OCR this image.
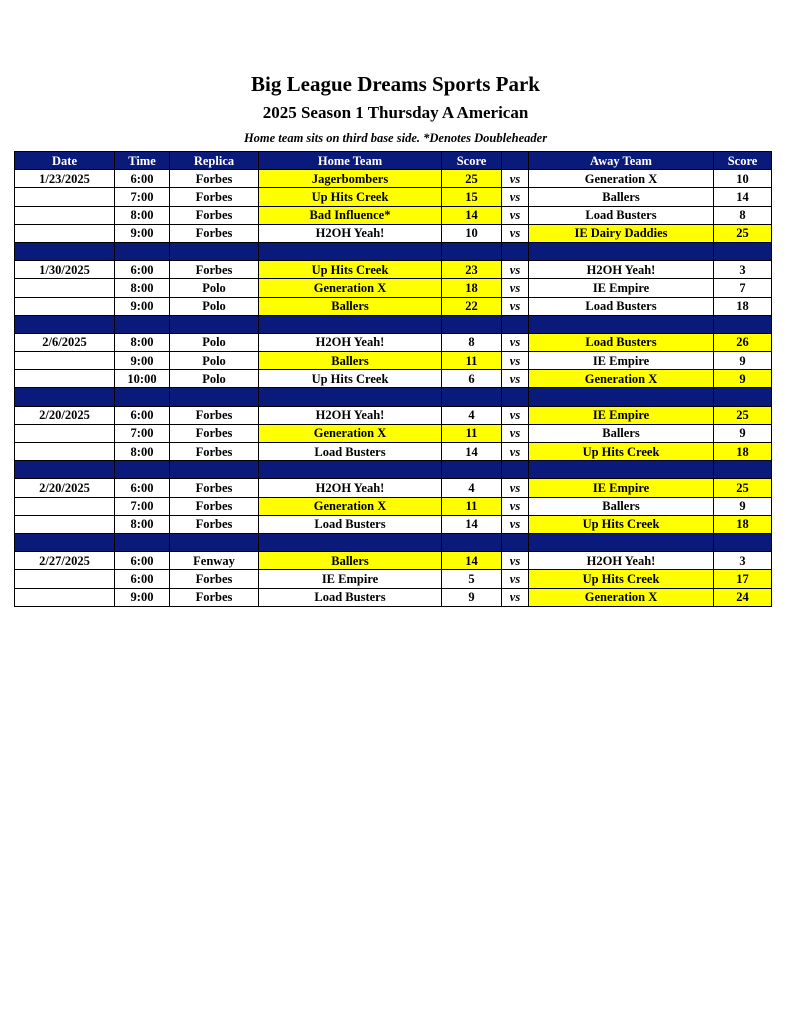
Big League Dreams Sports Park
2025 Season 1 Thursday A American
Home team sits on third base side. *Denotes Doubleheader
Date	Time	Replica	Home Team	Score		Away Team	Score
1/23/2025	6:00	Forbes	Jagerbombers	25	vs	Generation X	10
	7:00	Forbes	Up Hits Creek	15	vs	Ballers	14
	8:00	Forbes	Bad Influence*	14	vs	Load Busters	8
	9:00	Forbes	H2OH Yeah!	10	vs	IE Dairy Daddies	25

1/30/2025	6:00	Forbes	Up Hits Creek	23	vs	H2OH Yeah!	3
	8:00	Polo	Generation X	18	vs	IE Empire	7
	9:00	Polo	Ballers	22	vs	Load Busters	18

2/6/2025	8:00	Polo	H2OH Yeah!	8	vs	Load Busters	26
	9:00	Polo	Ballers	11	vs	IE Empire	9
	10:00	Polo	Up Hits Creek	6	vs	Generation X	9

2/20/2025	6:00	Forbes	H2OH Yeah!	4	vs	IE Empire	25
	7:00	Forbes	Generation X	11	vs	Ballers	9
	8:00	Forbes	Load Busters	14	vs	Up Hits Creek	18

2/20/2025	6:00	Forbes	H2OH Yeah!	4	vs	IE Empire	25
	7:00	Forbes	Generation X	11	vs	Ballers	9
	8:00	Forbes	Load Busters	14	vs	Up Hits Creek	18

2/27/2025	6:00	Fenway	Ballers	14	vs	H2OH Yeah!	3
	6:00	Forbes	IE Empire	5	vs	Up Hits Creek	17
	9:00	Forbes	Load Busters	9	vs	Generation X	24
